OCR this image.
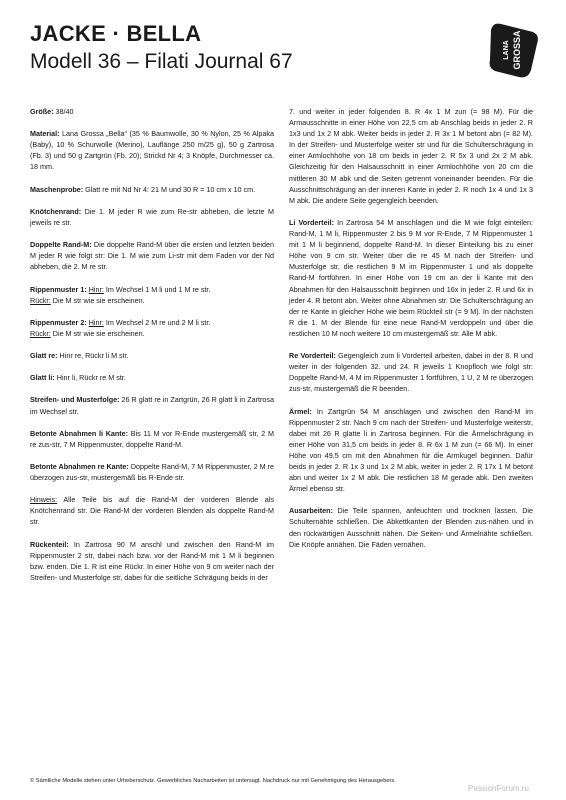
JACKE · BELLA
Modell 36 – Filati Journal 67	LANA GROSSA

Größe: 38/40

Material: Lana Grossa „Bella“ (35 % Baumwolle, 30 % Nylon, 25 % Alpaka (Baby), 10 % Schurwolle (Merino), Lauflänge 250 m/25 g), 50 g Zartrosa (Fb. 3) und 50 g Zartgrün (Fb. 20); Strickd Nr 4; 3 Knöpfe, Durchmesser ca. 18 mm.

Maschenprobe: Glatt re mit Nd Nr 4: 21 M und 30 R = 10 cm x 10 cm.

Knötchenrand: Die 1. M jeder R wie zum Re-str abheben, die letzte M jeweils re str.

Doppelte Rand-M: Die doppelte Rand-M über die ersten und letzten beiden M jeder R wie folgt str: Die 1. M wie zum Li-str mit dem Faden vor der Nd abheben, die 2. M re str.

Rippenmuster 1: Hinr: Im Wechsel 1 M li und 1 M re str.
Rückr: Die M str wie sie erscheinen.

Rippenmuster 2: Hinr: Im Wechsel 2 M re und 2 M li str.
Rückr: Die M str wie sie erscheinen.

Glatt re: Hinr re, Rückr li M str.

Glatt li: Hinr li, Rückr re M str.

Streifen- und Musterfolge: 26 R glatt re in Zartgrün, 26 R glatt li in Zartrosa im Wechsel str.

Betonte Abnahmen li Kante: Bis 11 M vor R-Ende mustergemäß str, 2 M re zus-str, 7 M Rippenmuster, doppelte Rand-M.

Betonte Abnahmen re Kante: Doppelte Rand-M, 7 M Rippenmuster, 2 M re überzogen zus-str, mustergemäß bis R-Ende str.

Hinweis: Alle Teile bis auf die Rand-M der vorderen Blende als Knötchenrand str. Die Rand-M der vorderen Blenden als doppelte Rand-M str.

Rückenteil: In Zartrosa 90 M anschl und zwischen den Rand-M im Rippenmuster 2 str, dabei nach bzw. vor der Rand-M mit 1 M li beginnen bzw. enden. Die 1. R ist eine Rückr. In einer Höhe von 9 cm weiter nach der Streifen- und Musterfolge str, dabei für die seitliche Schrägung beids in der

7. und weiter in jeder folgenden 8. R 4x 1 M zun (= 98 M). Für die Armausschnitte in einer Höhe von 22,5 cm ab Anschlag beids in jeder 2. R 1x3 und 1x 2 M abk. Weiter beids in jeder 2. R 3x 1 M betont abn (= 82 M). In der Streifen- und Musterfolge weiter str und für die Schulterschrägung in einer Armlochhöhe von 18 cm beids in jeder 2. R 5x 3 und 2x 2 M abk. Gleichzeitig für den Halsausschnitt in einer Armlochhöhe von 20 cm die mittleren 30 M abk und die Seiten getrennt voneinander beenden. Für die Ausschnittschrägung an der inneren Kante in jeder 2. R noch 1x 4 und 1x 3 M abk. Die andere Seite gegengleich beenden.

Li Vorderteil: In Zartrosa 54 M anschlagen und die M wie folgt einteilen: Rand-M, 1 M li, Rippenmuster 2 bis 9 M vor R-Ende, 7 M Rippenmuster 1 mit 1 M li beginnend, doppelte Rand-M. In dieser Einteilung bis zu einer Höhe von 9 cm str. Weiter über die re 45 M nach der Streifen- und Musterfolge str, die restlichen 9 M im Rippenmuster 1 und als doppelte Rand-M fortführen. In einer Höhe von 19 cm an der li Kante mit den Abnahmen für den Halsausschnitt beginnen und 16x in jeder 2. R und 6x in jeder 4. R betont abn. Weiter ohne Abnahmen str. Die Schulterschrägung an der re Kante in gleicher Höhe wie beim Rückteil str (= 9 M). In der nächsten R die 1. M der Blende für eine neue Rand-M verdoppeln und über die restlichen 10 M noch weitere 10 cm mustergemäß str. Alle M abk.

Re Vorderteil: Gegengleich zum li Vorderteil arbeiten, dabei in der 8. R und weiter in der folgenden 32. und 24. R jeweils 1 Knopfloch wie folgt str: Doppelte Rand-M, 4 M im Rippenmuster 1 fortführen, 1 U, 2 M re überzogen zus-str, mustergemäß die R beenden.

Ärmel: In Zartgrün 54 M anschlagen und zwischen den Rand-M im Rippenmuster 2 str. Nach 9 cm nach der Streifen- und Musterfolge weiterstr, dabei mit 26 R glatte li in Zartrosa beginnen. Für die Ärmelschrägung in einer Höhe von 31,5 cm beids in jeder 8. R 6x 1 M zun (= 66 M). In einer Höhe von 49,5 cm mit den Abnahmen für die Armkugel beginnen. Dafür beids in jeder 2. R 1x 3 und 1x 2 M abk, weiter in jeder 2. R 17x 1 M betont abn und weiter 1x 2 M abk. Die restlichen 18 M gerade abk. Den zweiten Ärmel ebenso str.

Ausarbeiten: Die Teile spannen, anfeuchten und trocknen lassen. Die Schulternähte schließen. Die Abkettkanten der Blenden zus-nähen und in den rückwärtigen Ausschnitt nähen. Die Seiten- und Ärmelnähte schließen. Die Knöpfe annähen. Die Fäden vernähen.

© Sämtliche Modelle stehen unter Urheberschutz. Gewerbliches Nacharbeiten ist untersagt. Nachdruck nur mit Genehmigung des Herausgebers.
PassionForum.ru
